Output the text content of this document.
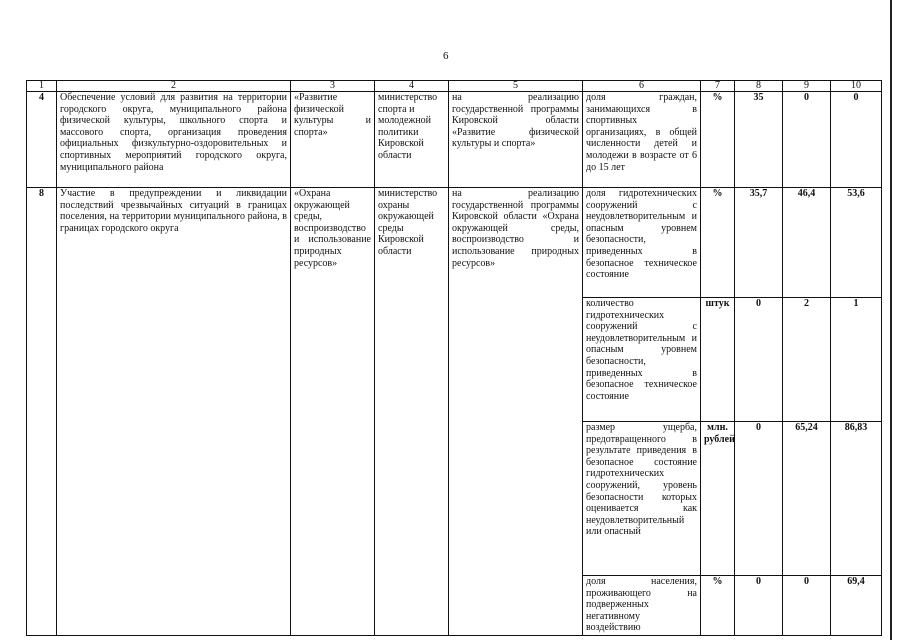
6
1	2	3	4	5	6	7	8	9	10
4	Обеспечение условий для развития на территории городского округа, муниципального района физической культуры, школьного спорта и массового спорта, организация проведения официальных физкультурно-оздоровительных и спортивных мероприятий городского округа, муниципального района	«Развитие физической культуры и спорта»	министерство спорта и молодежной политики Кировской области	на реализацию государственной программы Кировской области «Развитие физической культуры и спорта»	доля граждан, занимающихся в спортивных организациях, в общей численности детей и молодежи в возрасте от 6 до 15 лет	%	35	0	0
8	Участие в предупреждении и ликвидации последствий чрезвычайных ситуаций в границах поселения, на территории муниципального района, в границах городского округа	«Охрана окружающей среды, воспроизводство и использование природных ресурсов»	министерство охраны окружающей среды Кировской области	на реализацию государственной программы Кировской области «Охрана окружающей среды, воспроизводство и использование природных ресурсов»	доля гидротехнических сооружений с неудовлетворительным и опасным уровнем безопасности, приведенных в безопасное техническое состояние	%	35,7	46,4	53,6
					количество гидротехнических сооружений с неудовлетворительным и опасным уровнем безопасности, приведенных в безопасное техническое состояние	штук	0	2	1
					размер ущерба, предотвращенного в результате приведения в безопасное состояние гидротехнических сооружений, уровень безопасности которых оценивается как неудовлетворительный или опасный	млн. рублей	0	65,24	86,83
					доля населения, проживающего на подверженных негативному воздействию	%	0	0	69,4
